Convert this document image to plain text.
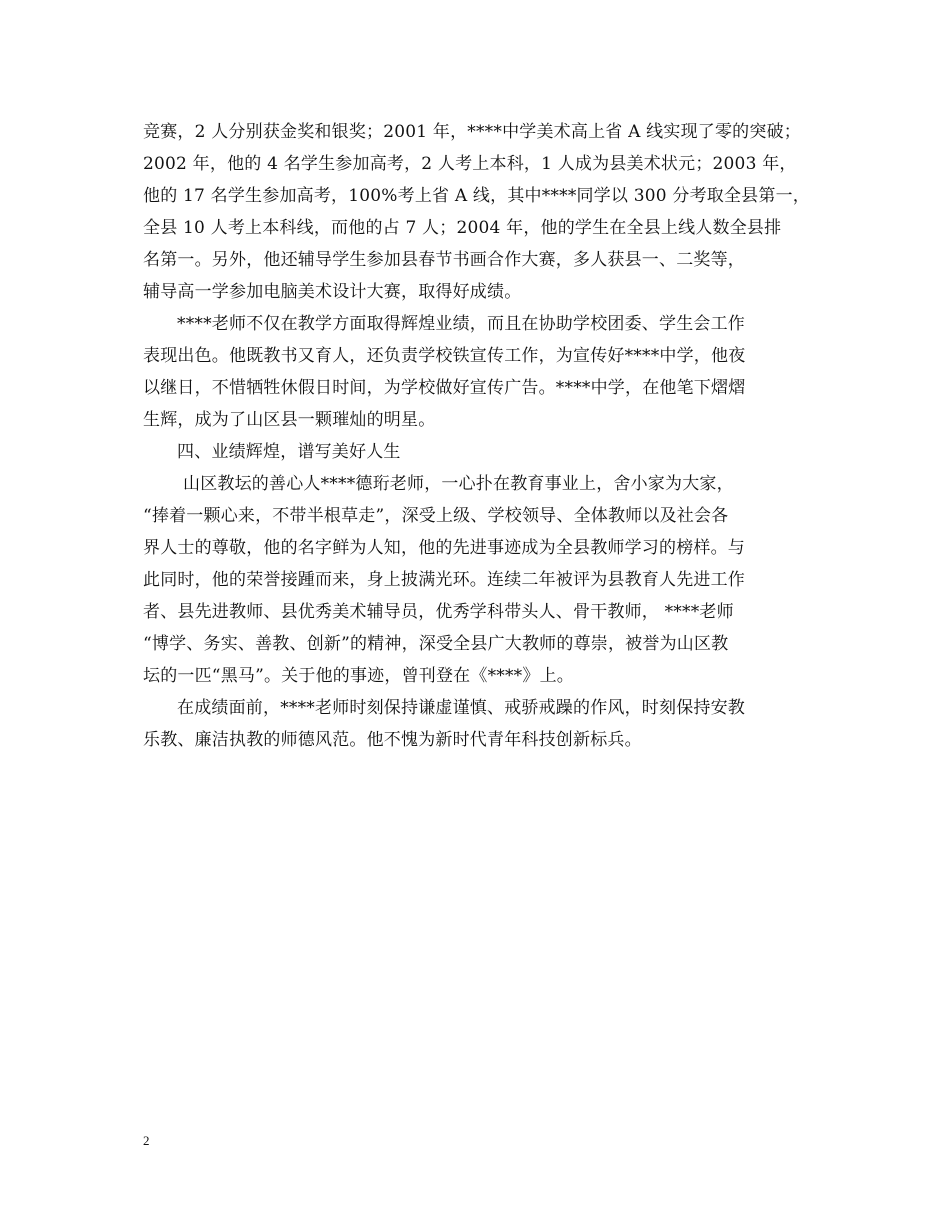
竞赛，2 人分别获金奖和银奖；2001 年，****中学美术高上省 A 线实现了零的突破；
2002 年，他的 4 名学生参加高考，2 人考上本科，1 人成为县美术状元；2003 年，
他的 17 名学生参加高考，100%考上省 A 线，其中****同学以 300 分考取全县第一，
全县 10 人考上本科线，而他的占 7 人；2004 年，他的学生在全县上线人数全县排
名第一。另外，他还辅导学生参加县春节书画合作大赛，多人获县一、二奖等，
辅导高一学参加电脑美术设计大赛，取得好成绩。
****老师不仅在教学方面取得辉煌业绩，而且在协助学校团委、学生会工作
表现出色。他既教书又育人，还负责学校铁宣传工作，为宣传好****中学，他夜
以继日，不惜牺牲休假日时间，为学校做好宣传广告。****中学，在他笔下熠熠
生辉，成为了山区县一颗璀灿的明星。
四、业绩辉煌，谱写美好人生
山区教坛的善心人****德珩老师，一心扑在教育事业上，舍小家为大家，
“捧着一颗心来，不带半根草走”，深受上级、学校领导、全体教师以及社会各
界人士的尊敬，他的名字鲜为人知，他的先进事迹成为全县教师学习的榜样。与
此同时，他的荣誉接踵而来，身上披满光环。连续二年被评为县教育人先进工作
者、县先进教师、县优秀美术辅导员，优秀学科带头人、骨干教师， ****老师
“博学、务实、善教、创新”的精神，深受全县广大教师的尊崇，被誉为山区教
坛的一匹“黑马”。关于他的事迹，曾刊登在《****》上。
在成绩面前，****老师时刻保持谦虚谨慎、戒骄戒躁的作风，时刻保持安教
乐教、廉洁执教的师德风范。他不愧为新时代青年科技创新标兵。
2
